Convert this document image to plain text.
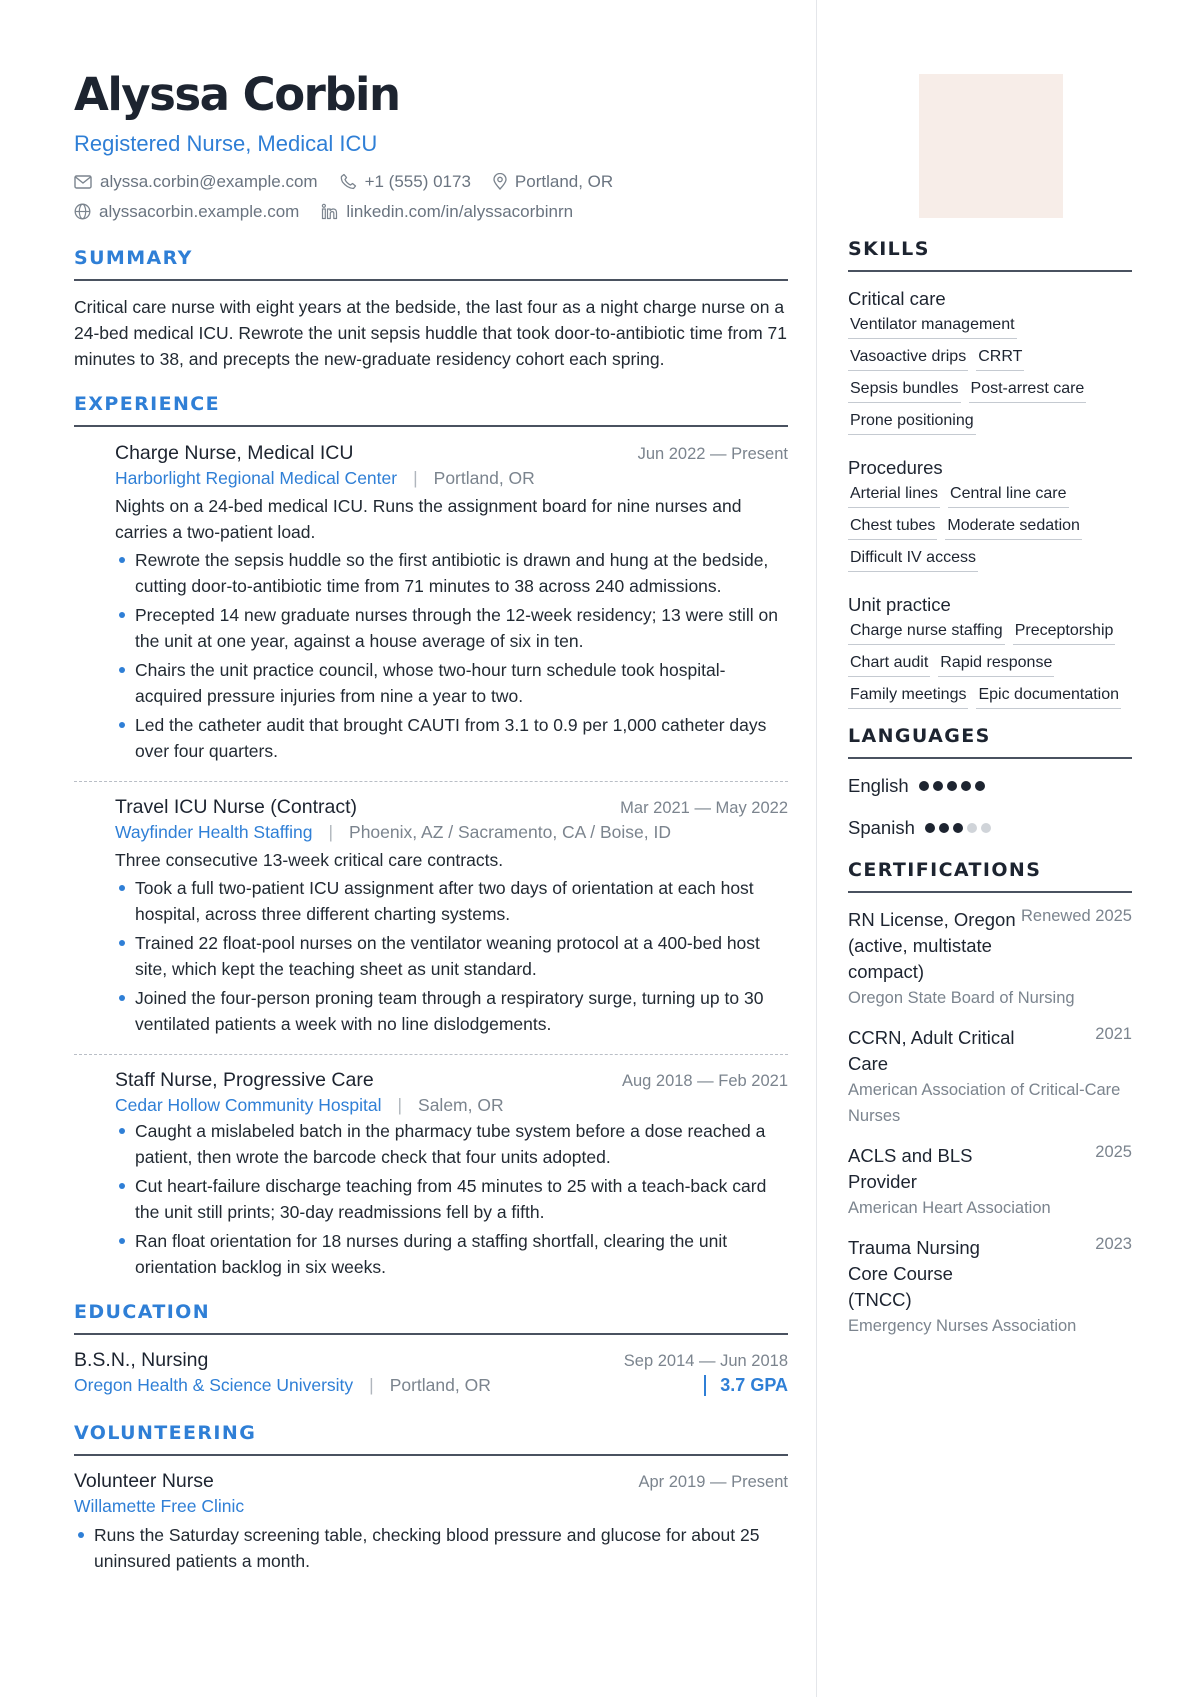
Alyssa Corbin
Registered Nurse, Medical ICU
alyssa.corbin@example.com	+1 (555) 0173	Portland, OR
alyssacorbin.example.com	linkedin.com/in/alyssacorbinrn
SUMMARY
Critical care nurse with eight years at the bedside, the last four as a night charge nurse on a 24-bed medical ICU. Rewrote the unit sepsis huddle that took door-to-antibiotic time from 71 minutes to 38, and precepts the new-graduate residency cohort each spring.
EXPERIENCE
Charge Nurse, Medical ICU	Jun 2022 — Present
Harborlight Regional Medical Center | Portland, OR
Nights on a 24-bed medical ICU. Runs the assignment board for nine nurses and carries a two-patient load.
Rewrote the sepsis huddle so the first antibiotic is drawn and hung at the bedside, cutting door-to-antibiotic time from 71 minutes to 38 across 240 admissions.
Precepted 14 new graduate nurses through the 12-week residency; 13 were still on the unit at one year, against a house average of six in ten.
Chairs the unit practice council, whose two-hour turn schedule took hospital-acquired pressure injuries from nine a year to two.
Led the catheter audit that brought CAUTI from 3.1 to 0.9 per 1,000 catheter days over four quarters.
Travel ICU Nurse (Contract)	Mar 2021 — May 2022
Wayfinder Health Staffing | Phoenix, AZ / Sacramento, CA / Boise, ID
Three consecutive 13-week critical care contracts.
Took a full two-patient ICU assignment after two days of orientation at each host hospital, across three different charting systems.
Trained 22 float-pool nurses on the ventilator weaning protocol at a 400-bed host site, which kept the teaching sheet as unit standard.
Joined the four-person proning team through a respiratory surge, turning up to 30 ventilated patients a week with no line dislodgements.
Staff Nurse, Progressive Care	Aug 2018 — Feb 2021
Cedar Hollow Community Hospital | Salem, OR
Caught a mislabeled batch in the pharmacy tube system before a dose reached a patient, then wrote the barcode check that four units adopted.
Cut heart-failure discharge teaching from 45 minutes to 25 with a teach-back card the unit still prints; 30-day readmissions fell by a fifth.
Ran float orientation for 18 nurses during a staffing shortfall, clearing the unit orientation backlog in six weeks.
EDUCATION
B.S.N., Nursing	Sep 2014 — Jun 2018
Oregon Health & Science University | Portland, OR	3.7 GPA
VOLUNTEERING
Volunteer Nurse	Apr 2019 — Present
Willamette Free Clinic
Runs the Saturday screening table, checking blood pressure and glucose for about 25 uninsured patients a month.
SKILLS
Critical care
Ventilator management
Vasoactive drips CRRT
Sepsis bundles Post-arrest care
Prone positioning
Procedures
Arterial lines Central line care
Chest tubes Moderate sedation
Difficult IV access
Unit practice
Charge nurse staffing Preceptorship
Chart audit Rapid response
Family meetings Epic documentation
LANGUAGES
English
Spanish
CERTIFICATIONS
RN License, Oregon (active, multistate compact)
Renewed 2025
Oregon State Board of Nursing
CCRN, Adult Critical Care
2021
American Association of Critical-Care Nurses
ACLS and BLS Provider
2025
American Heart Association
Trauma Nursing Core Course (TNCC)
2023
Emergency Nurses Association
